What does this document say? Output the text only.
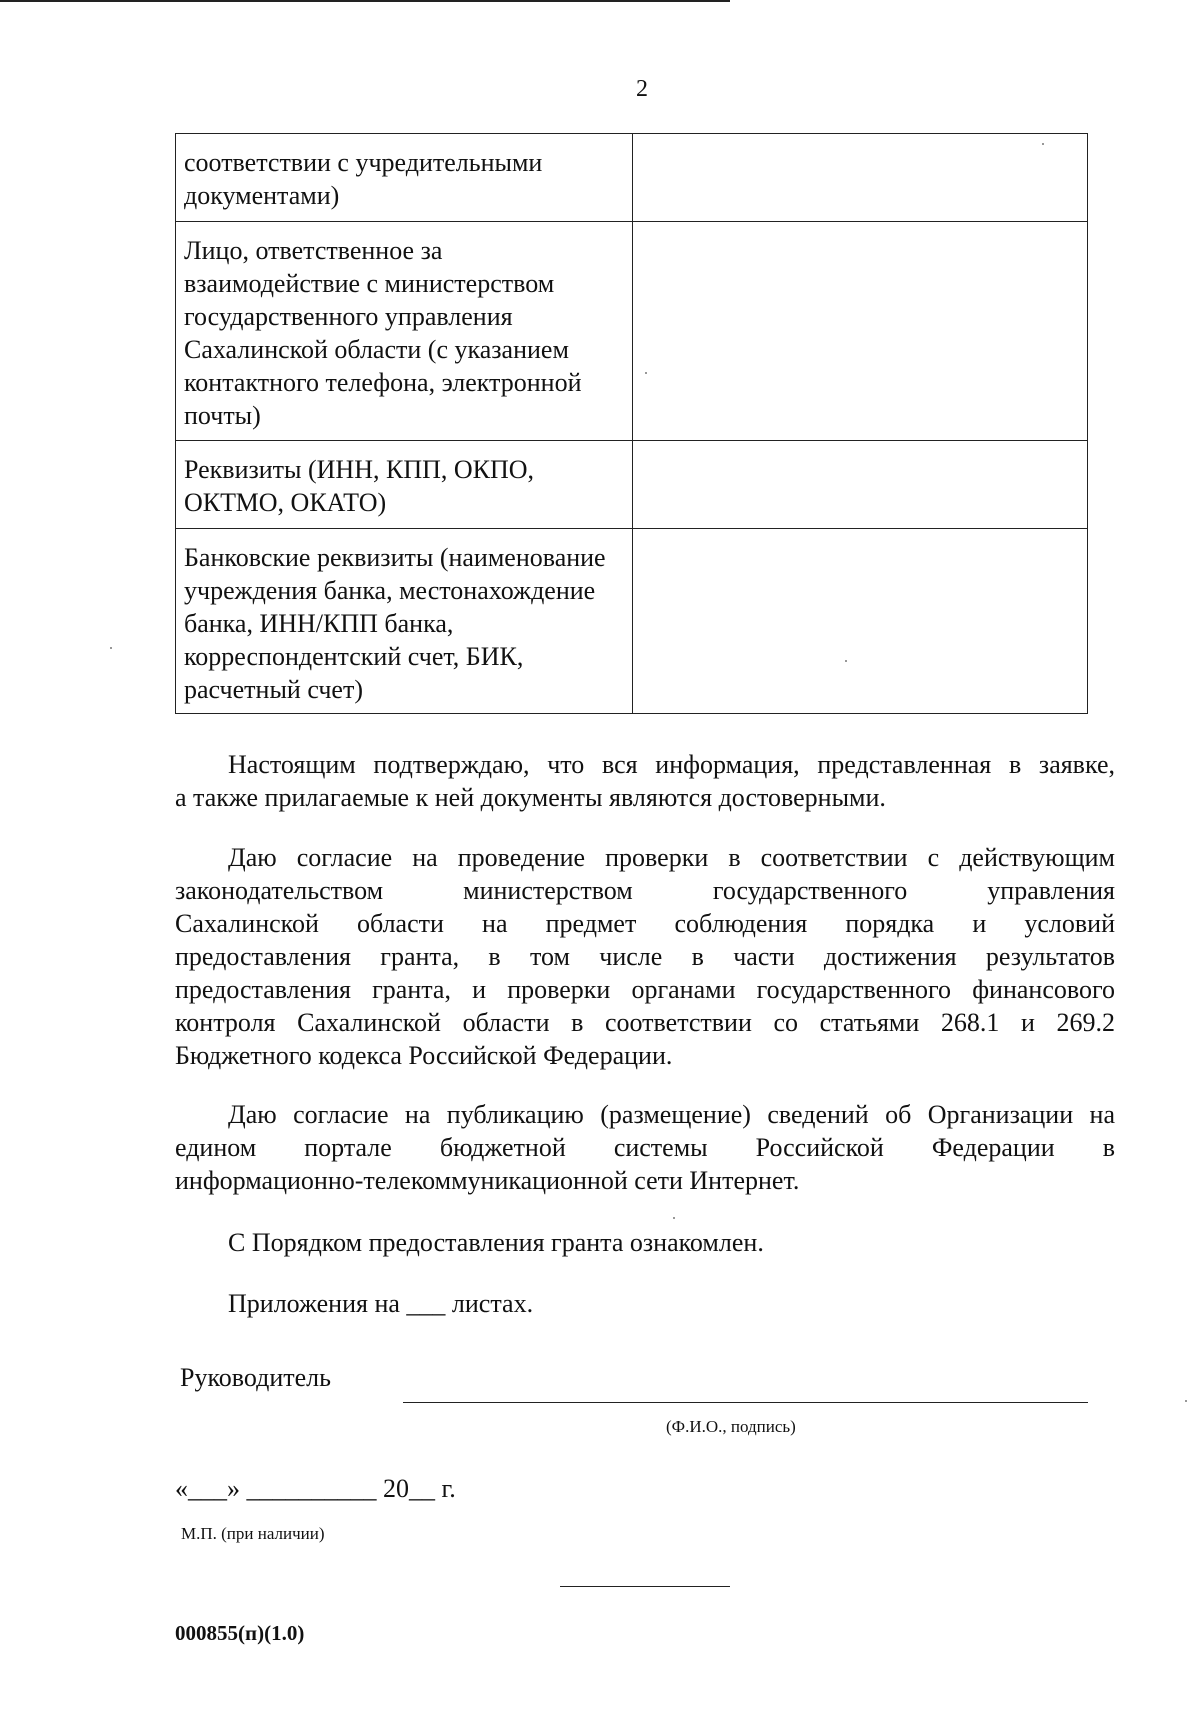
2
соответствии с учредительными документами)	
Лицо, ответственное за взаимодействие с министерством государственного управления Сахалинской области (с указанием контактного телефона, электронной почты)	
Реквизиты (ИНН, КПП, ОКПО, ОКТМО, ОКАТО)	
Банковские реквизиты (наименование учреждения банка, местонахождение банка, ИНН/КПП банка, корреспондентский счет, БИК, расчетный счет)	
Настоящим подтверждаю, что вся информация, представленная в заявке,
а также прилагаемые к ней документы являются достоверными.
Даю согласие на проведение проверки в соответствии с действующим
законодательством министерством государственного управления
Сахалинской области на предмет соблюдения порядка и условий
предоставления гранта, в том числе в части достижения результатов
предоставления гранта, и проверки органами государственного финансового
контроля Сахалинской области в соответствии со статьями 268.1 и 269.2
Бюджетного кодекса Российской Федерации.
Даю согласие на публикацию (размещение) сведений об Организации на
едином портале бюджетной системы Российской Федерации в
информационно-телекоммуникационной сети Интернет.
С Порядком предоставления гранта ознакомлен.
Приложения на ___ листах.
Руководитель
(Ф.И.О., подпись)
«___» __________ 20__ г.
М.П. (при наличии)
000855(п)(1.0)
